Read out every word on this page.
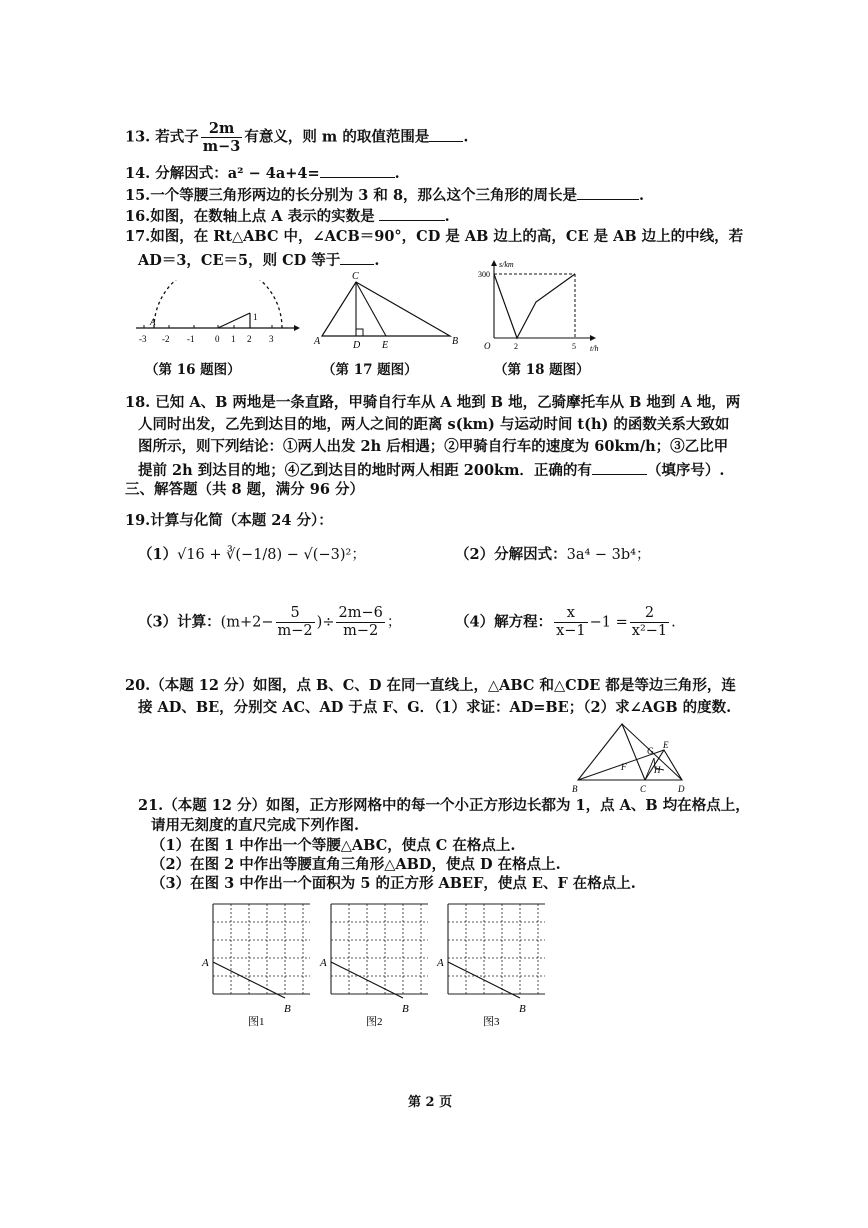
13. 若式子 $\frac{2m}{m-3}$ 有意义，则 m 的取值范围是 .
14. 分解因式：a² − 4a+4=	.
15.一个等腰三角形两边的长分别为 3 和 8，那么这个三角形的周长是	.
16.如图，在数轴上点 A 表示的实数是	.
17.如图，在 Rt△ABC 中，∠ACB＝90°，CD 是 AB 边上的高，CE 是 AB 边上的中线，若
AD＝3，CE＝5，则 CD 等于 .
-3 -2 -1 0 1 2 3
A	1
A	B
C
D E
300
s/km
O	2	5 t/h
（第 16 题图）	（第 17 题图）	（第 18 题图）
18. 已知 A、B 两地是一条直路，甲骑自行车从 A 地到 B 地，乙骑摩托车从 B 地到 A 地，两
人同时出发，乙先到达目的地，两人之间的距离 s(km) 与运动时间 t(h) 的函数关系大致如
图所示，则下列结论：①两人出发 2h 后相遇；②甲骑自行车的速度为 60km/h；③乙比甲
提前 2h 到达目的地；④乙到达目的地时两人相距 200km．正确的有	（填序号）.
三、解答题（共 8 题，满分 96 分）
19.计算与化简（本题 24 分）：
（1）√16 + ∛(−1/8) − √(−3)²；	（2）分解因式：3a⁴ − 3b⁴；
（3）计算：($m+2- \frac{5}{m-2}$ )÷ $\frac{2m-6}{m-2}$ ；	（4）解方程： $\frac{x}{x-1} -1 = \frac{2}{\text{x²−1}}$ .
20.（本题 12 分）如图，点 B、C、D 在同一直线上，△ABC 和△CDE 都是等边三角形，连
接 AD、BE，分别交 AC、AD 于点 F、G．（1）求证：AD=BE；（2）求∠AGB 的度数.
B	C	D
E
F
G
H
21.（本题 12 分）如图，正方形网格中的每一个小正方形边长都为 1，点 A、B 均在格点上，
请用无刻度的直尺完成下列作图.
（1）在图 1 中作出一个等腰△ABC，使点 C 在格点上.
（2）在图 2 中作出等腰直角三角形△ABD，使点 D 在格点上.
（3）在图 3 中作出一个面积为 5 的正方形 ABEF，使点 E、F 在格点上.
A
B
图1
A
B
图2
A
B
图3
第 2 页
